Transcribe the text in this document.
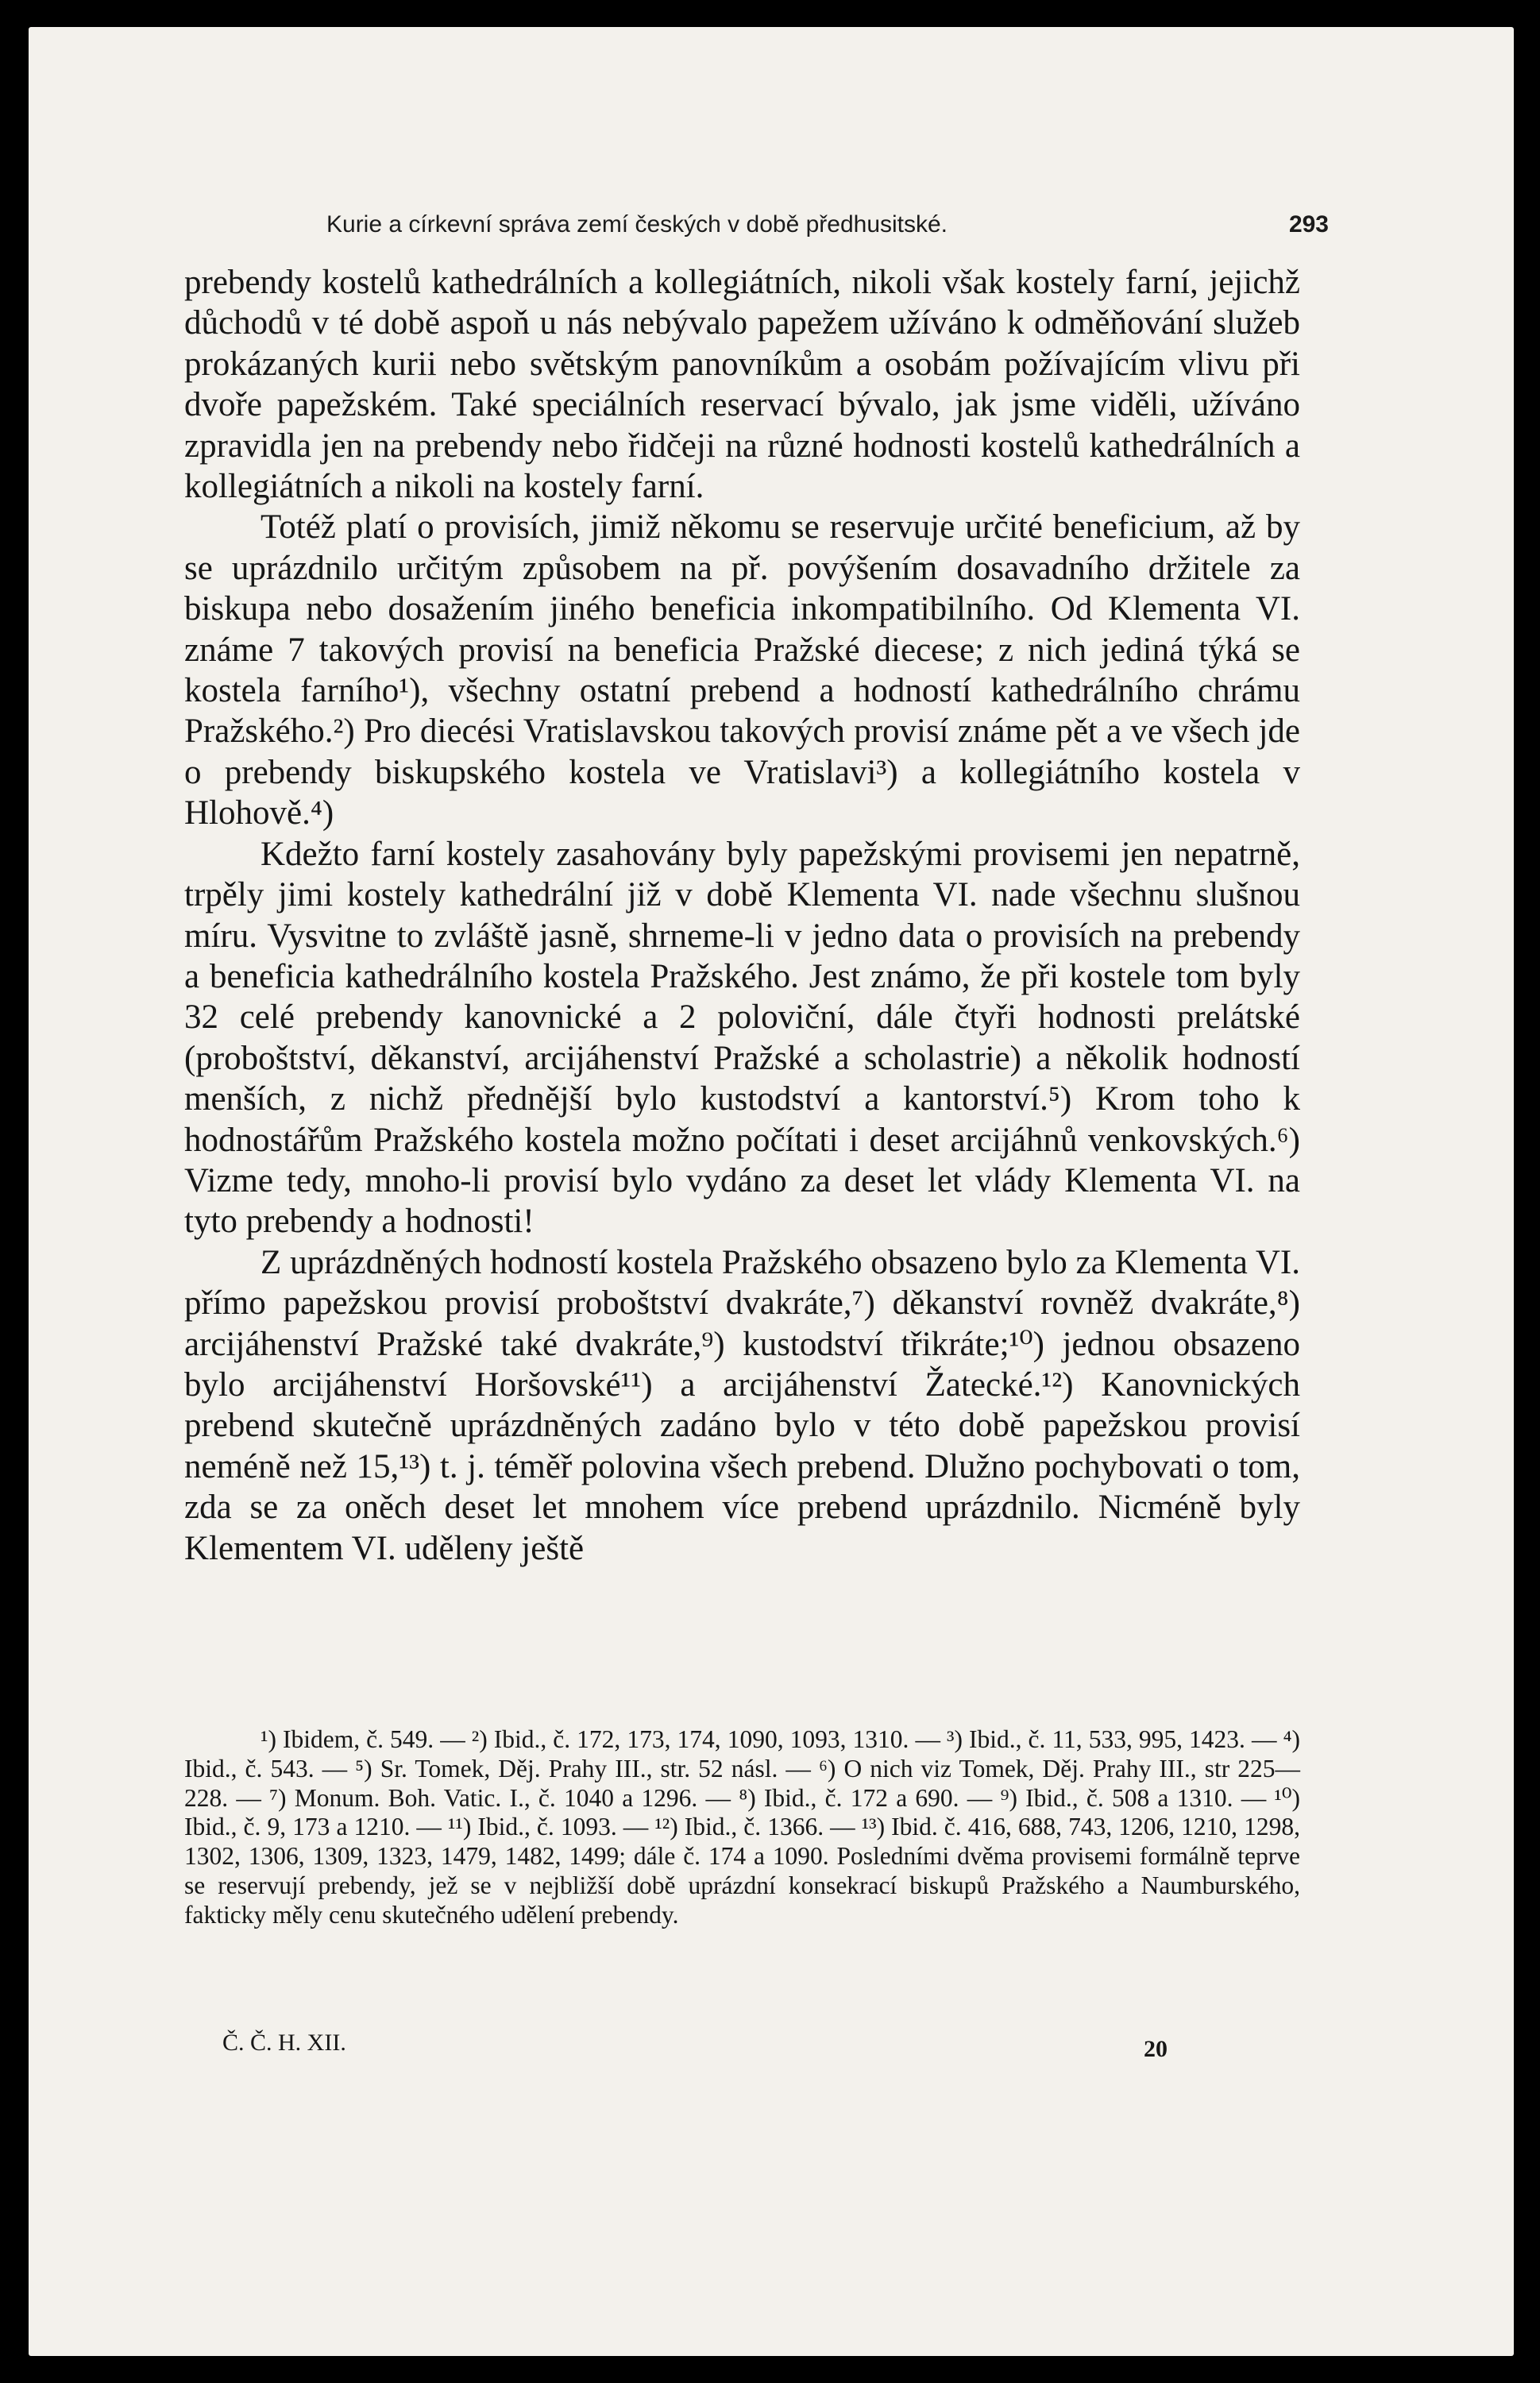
Kurie a církevní správa zemí českých v době předhusitské.	293

prebendy kostelů kathedrálních a kollegiátních, nikoli však kostely farní, jejichž důchodů v té době aspoň u nás nebývalo papežem užíváno k odměňování služeb prokázaných kurii nebo světským panovníkům a osobám požívajícím vlivu při dvoře papežském. Také speciálních reservací bývalo, jak jsme viděli, užíváno zpravidla jen na prebendy nebo řidčeji na různé hodnosti kostelů kathedrálních a kollegiátních a nikoli na kostely farní.

Totéž platí o provisích, jimiž někomu se reservuje určité beneficium, až by se uprázdnilo určitým způsobem na př. povýšením dosavadního držitele za biskupa nebo dosažením jiného beneficia inkompatibilního. Od Klementa VI. známe 7 takových provisí na beneficia Pražské diecese; z nich jediná týká se kostela farního¹), všechny ostatní prebend a hodností kathedrálního chrámu Pražského.²) Pro diecési Vratislavskou takových provisí známe pět a ve všech jde o prebendy biskupského kostela ve Vratislavi³) a kollegiátního kostela v Hlohově.⁴)

Kdežto farní kostely zasahovány byly papežskými provisemi jen nepatrně, trpěly jimi kostely kathedrální již v době Klementa VI. nade všechnu slušnou míru. Vysvitne to zvláště jasně, shrneme-li v jedno data o provisích na prebendy a beneficia kathedrálního kostela Pražského. Jest známo, že při kostele tom byly 32 celé prebendy kanovnické a 2 poloviční, dále čtyři hodnosti prelátské (proboštství, děkanství, arcijáhenství Pražské a scholastrie) a několik hodností menších, z nichž přednější bylo kustodství a kantorství.⁵) Krom toho k hodnostářům Pražského kostela možno počítati i deset arcijáhnů venkovských.⁶) Vizme tedy, mnoho-li provisí bylo vydáno za deset let vlády Klementa VI. na tyto prebendy a hodnosti!

Z uprázdněných hodností kostela Pražského obsazeno bylo za Klementa VI. přímo papežskou provisí proboštství dvakráte,⁷) děkanství rovněž dvakráte,⁸) arcijáhenství Pražské také dvakráte,⁹) kustodství třikráte;¹⁰) jednou obsazeno bylo arcijáhenství Horšovské¹¹) a arcijáhenství Žatecké.¹²) Kanovnických prebend skutečně uprázdněných zadáno bylo v této době papežskou provisí neméně než 15,¹³) t. j. téměř polovina všech prebend. Dlužno pochybovati o tom, zda se za oněch deset let mnohem více prebend uprázdnilo. Nicméně byly Klementem VI. uděleny ještě

¹) Ibidem, č. 549. — ²) Ibid., č. 172, 173, 174, 1090, 1093, 1310. — ³) Ibid., č. 11, 533, 995, 1423. — ⁴) Ibid., č. 543. — ⁵) Sr. Tomek, Děj. Prahy III., str. 52 násl. — ⁶) O nich viz Tomek, Děj. Prahy III., str 225—228. — ⁷) Monum. Boh. Vatic. I., č. 1040 a 1296. — ⁸) Ibid., č. 172 a 690. — ⁹) Ibid., č. 508 a 1310. — ¹⁰) Ibid., č. 9, 173 a 1210. — ¹¹) Ibid., č. 1093. — ¹²) Ibid., č. 1366. — ¹³) Ibid. č. 416, 688, 743, 1206, 1210, 1298, 1302, 1306, 1309, 1323, 1479, 1482, 1499; dále č. 174 a 1090. Posledními dvěma provisemi formálně teprve se reservují prebendy, jež se v nejbližší době uprázdní konsekrací biskupů Pražského a Naumburského, fakticky měly cenu skutečného udělení prebendy.

Č. Č. H. XII.	20
